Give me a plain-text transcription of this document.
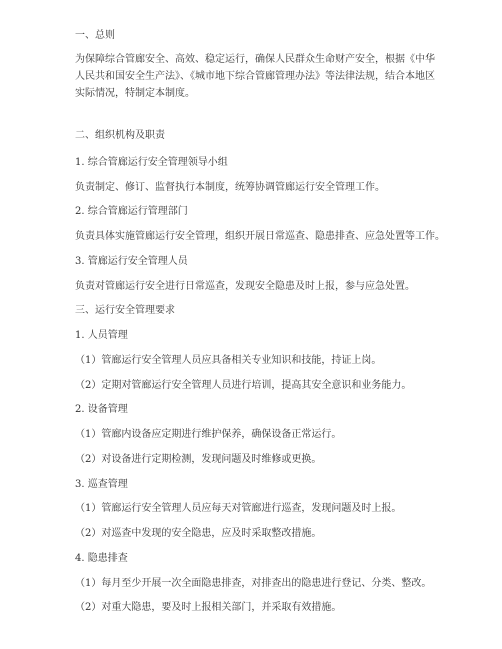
一、总则
为保障综合管廊安全、高效、稳定运行，确保人民群众生命财产安全，根据《中华人民共和国安全生产法》、《城市地下综合管廊管理办法》等法律法规，结合本地区实际情况，特制定本制度。
二、组织机构及职责
1. 综合管廊运行安全管理领导小组
负责制定、修订、监督执行本制度，统筹协调管廊运行安全管理工作。
2. 综合管廊运行管理部门
负责具体实施管廊运行安全管理，组织开展日常巡查、隐患排查、应急处置等工作。
3. 管廊运行安全管理人员
负责对管廊运行安全进行日常巡查，发现安全隐患及时上报，参与应急处置。
三、运行安全管理要求
1. 人员管理
（1）管廊运行安全管理人员应具备相关专业知识和技能，持证上岗。
（2）定期对管廊运行安全管理人员进行培训，提高其安全意识和业务能力。
2. 设备管理
（1）管廊内设备应定期进行维护保养，确保设备正常运行。
（2）对设备进行定期检测，发现问题及时维修或更换。
3. 巡查管理
（1）管廊运行安全管理人员应每天对管廊进行巡查，发现问题及时上报。
（2）对巡查中发现的安全隐患，应及时采取整改措施。
4. 隐患排查
（1）每月至少开展一次全面隐患排查，对排查出的隐患进行登记、分类、整改。
（2）对重大隐患，要及时上报相关部门，并采取有效措施。
